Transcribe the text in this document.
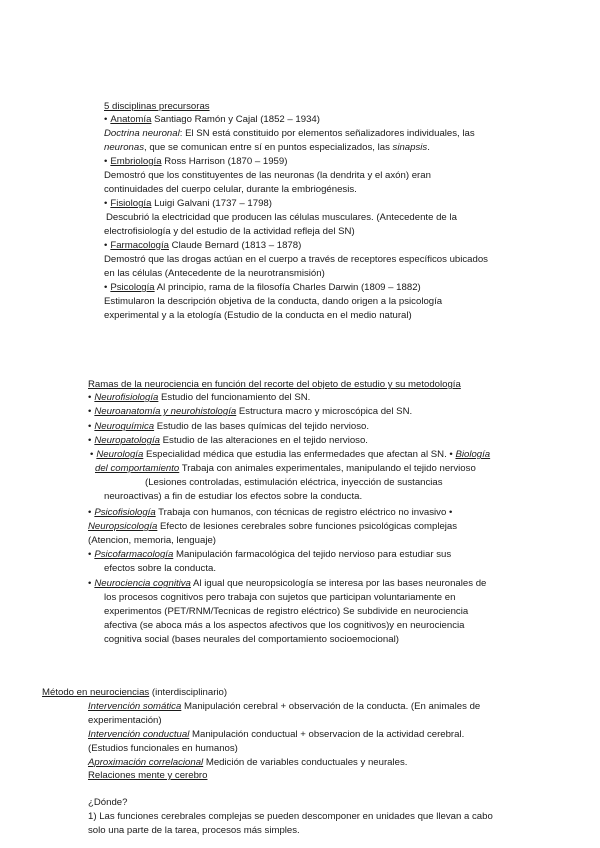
5 disciplinas precursoras
• Anatomía Santiago Ramón y Cajal (1852 – 1934)
Doctrina neuronal: El SN está constituido por elementos señalizadores individuales, las
neuronas, que se comunican entre sí en puntos especializados, las sinapsis.
• Embriología Ross Harrison (1870 – 1959)
Demostró que los constituyentes de las neuronas (la dendrita y el axón) eran
continuidades del cuerpo celular, durante la embriogénesis.
• Fisiología Luigi Galvani (1737 – 1798)
Descubrió la electricidad que producen las células musculares. (Antecedente de la
electrofisiología y del estudio de la actividad refleja del SN)
• Farmacología Claude Bernard (1813 – 1878)
Demostró que las drogas actúan en el cuerpo a través de receptores específicos ubicados
en las células (Antecedente de la neurotransmisión)
• Psicología Al principio, rama de la filosofía Charles Darwin (1809 – 1882)
Estimularon la descripción objetiva de la conducta, dando origen a la psicología
experimental y a la etología (Estudio de la conducta en el medio natural)
Ramas de la neurociencia en función del recorte del objeto de estudio y su metodología
• Neurofisiología Estudio del funcionamiento del SN.
• Neuroanatomía y neurohistología Estructura macro y microscópica del SN.
• Neuroquímica Estudio de las bases químicas del tejido nervioso.
• Neuropatología Estudio de las alteraciones en el tejido nervioso.
• Neurología Especialidad médica que estudia las enfermedades que afectan al SN. • Biología
del comportamiento Trabaja con animales experimentales, manipulando el tejido nervioso
(Lesiones controladas, estimulación eléctrica, inyección de sustancias
neuroactivas) a fin de estudiar los efectos sobre la conducta.
• Psicofisiología Trabaja con humanos, con técnicas de registro eléctrico no invasivo •
Neuropsicología Efecto de lesiones cerebrales sobre funciones psicológicas complejas
(Atencion, memoria, lenguaje)
• Psicofarmacología Manipulación farmacológica del tejido nervioso para estudiar sus
efectos sobre la conducta.
• Neurociencia cognitiva Al igual que neuropsicología se interesa por las bases neuronales de
los procesos cognitivos pero trabaja con sujetos que participan voluntariamente en
experimentos (PET/RNM/Tecnicas de registro eléctrico) Se subdivide en neurociencia
afectiva (se aboca más a los aspectos afectivos que los cognitivos)y en neurociencia
cognitiva social (bases neurales del comportamiento socioemocional)
Método en neurociencias (interdisciplinario)
Intervención somática Manipulación cerebral + observación de la conducta. (En animales de
experimentación)
Intervención conductual Manipulación conductual + observacion de la actividad cerebral.
(Estudios funcionales en humanos)
Aproximación correlacional Medición de variables conductuales y neurales.
Relaciones mente y cerebro
¿Dónde?
1) Las funciones cerebrales complejas se pueden descomponer en unidades que llevan a cabo
solo una parte de la tarea, procesos más simples.
